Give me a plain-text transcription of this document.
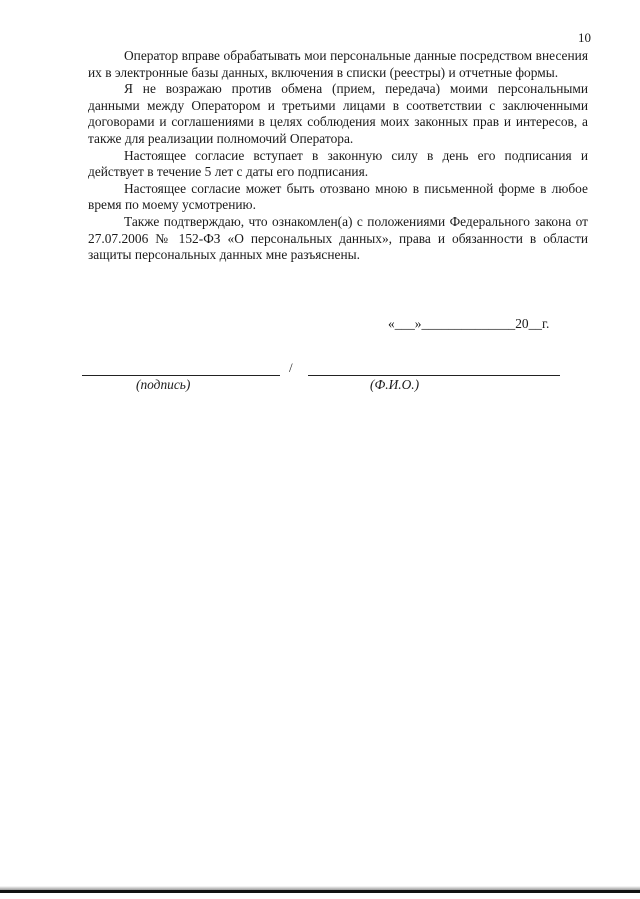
10

Оператор вправе обрабатывать мои персональные данные посредством внесения их в электронные базы данных, включения в списки (реестры) и отчетные формы.

Я не возражаю против обмена (прием, передача) моими персональными данными между Оператором и третьими лицами в соответствии с заключенными договорами и соглашениями в целях соблюдения моих законных прав и интересов, а также для реализации полномочий Оператора.

Настоящее согласие вступает в законную силу в день его подписания и действует в течение 5 лет с даты его подписания.

Настоящее согласие может быть отозвано мною в письменной форме в любое время по моему усмотрению.

Также подтверждаю, что ознакомлен(а) с положениями Федерального закона от 27.07.2006 № 152-ФЗ «О персональных данных», права и обязанности в области защиты персональных данных мне разъяснены.

«___»______________20__г.
/
(подпись)	(Ф.И.О.)
